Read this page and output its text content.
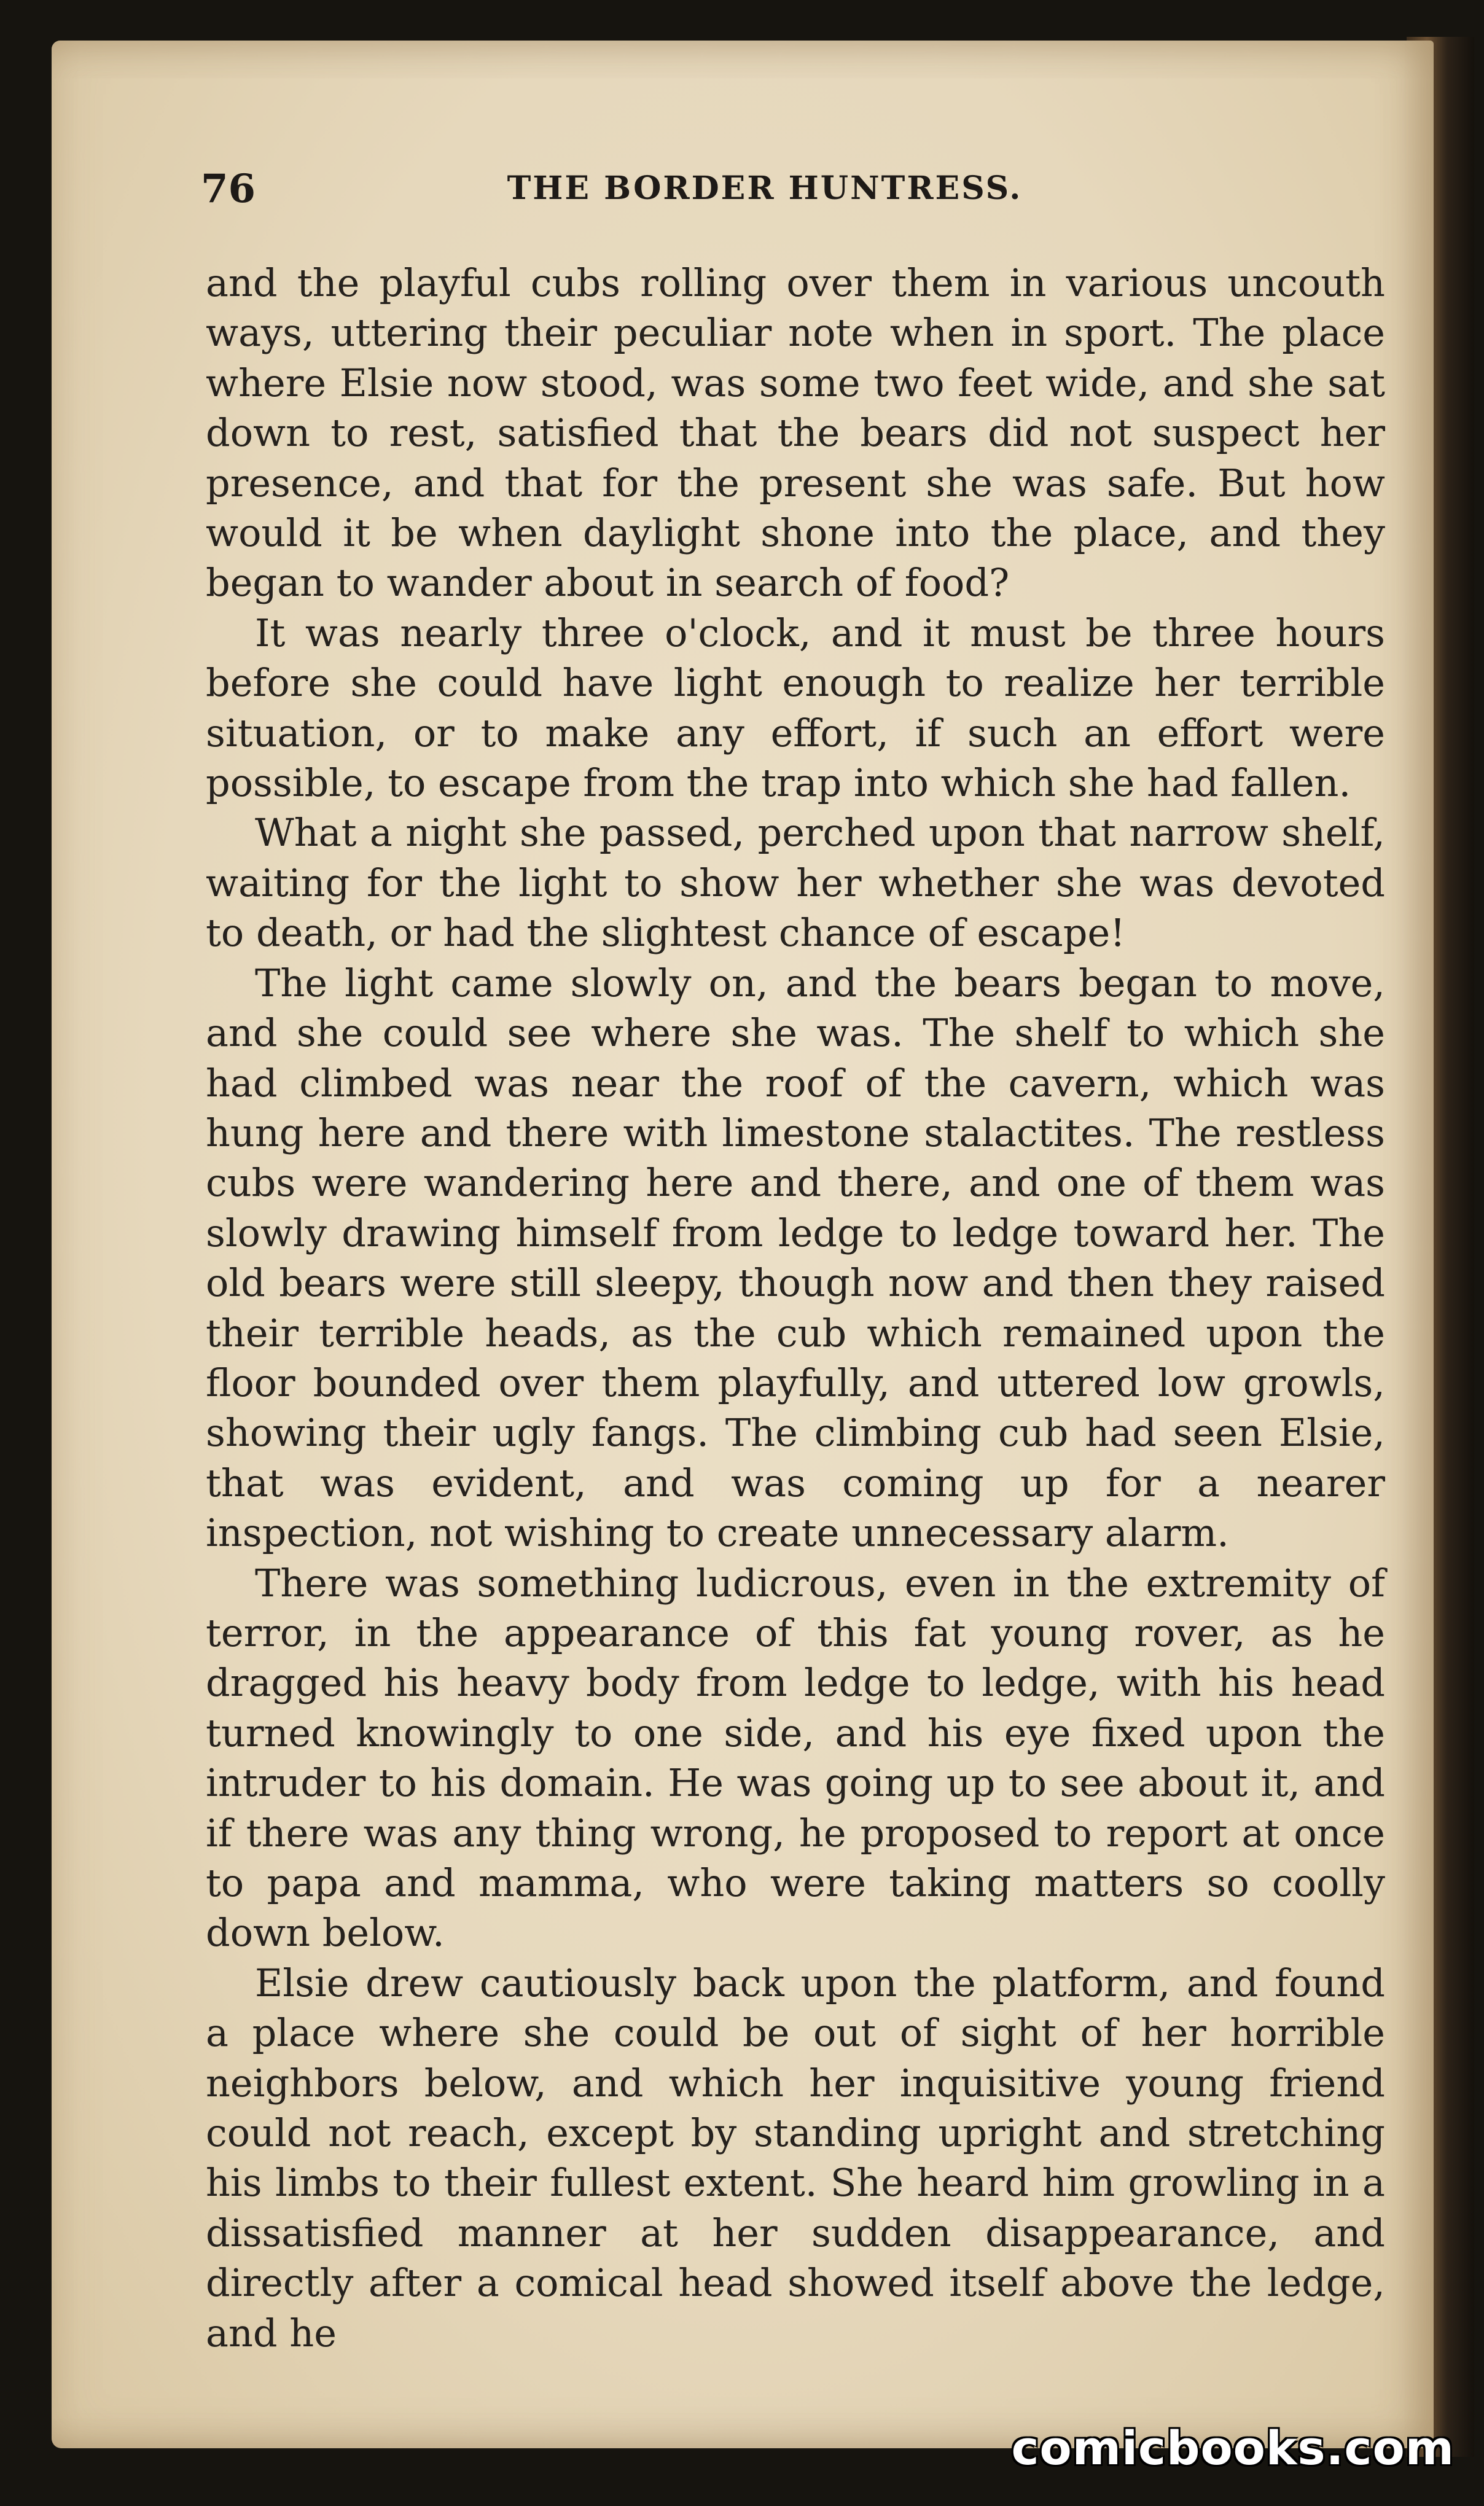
76	THE BORDER HUNTRESS.

and the playful cubs rolling over them in various uncouth ways, uttering their peculiar note when in sport. The place where Elsie now stood, was some two feet wide, and she sat down to rest, satisfied that the bears did not suspect her presence, and that for the present she was safe. But how would it be when daylight shone into the place, and they began to wander about in search of food?

It was nearly three o'clock, and it must be three hours before she could have light enough to realize her terrible situation, or to make any effort, if such an effort were possible, to escape from the trap into which she had fallen.

What a night she passed, perched upon that narrow shelf, waiting for the light to show her whether she was devoted to death, or had the slightest chance of escape!

The light came slowly on, and the bears began to move, and she could see where she was. The shelf to which she had climbed was near the roof of the cavern, which was hung here and there with limestone stalactites. The restless cubs were wandering here and there, and one of them was slowly drawing himself from ledge to ledge toward her. The old bears were still sleepy, though now and then they raised their terrible heads, as the cub which remained upon the floor bounded over them playfully, and uttered low growls, showing their ugly fangs. The climbing cub had seen Elsie, that was evident, and was coming up for a nearer inspection, not wishing to create unnecessary alarm.

There was something ludicrous, even in the extremity of terror, in the appearance of this fat young rover, as he dragged his heavy body from ledge to ledge, with his head turned knowingly to one side, and his eye fixed upon the intruder to his domain. He was going up to see about it, and if there was any thing wrong, he proposed to report at once to papa and mamma, who were taking matters so coolly down below.

Elsie drew cautiously back upon the platform, and found a place where she could be out of sight of her horrible neighbors below, and which her inquisitive young friend could not reach, except by standing upright and stretching his limbs to their fullest extent. She heard him growling in a dissatisfied manner at her sudden disappearance, and directly after a comical head showed itself above the ledge, and he

comicbooks.com
